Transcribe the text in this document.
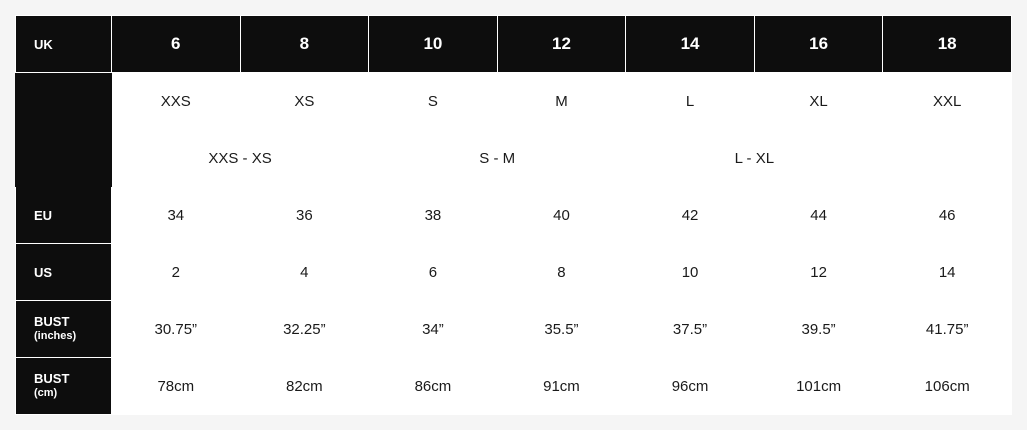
UK	6	8	10	12	14	16	18
	XXS	XS	S	M	L	XL	XXL
	XXS - XS		S - M		L - XL		
EU	34	36	38	40	42	44	46
US	2	4	6	8	10	12	14

BUST
(inches)	30.75”	32.25”	34”	35.5”	37.5”	39.5”	41.75”

BUST
(cm)	78cm	82cm	86cm	91cm	96cm	101cm	106cm
